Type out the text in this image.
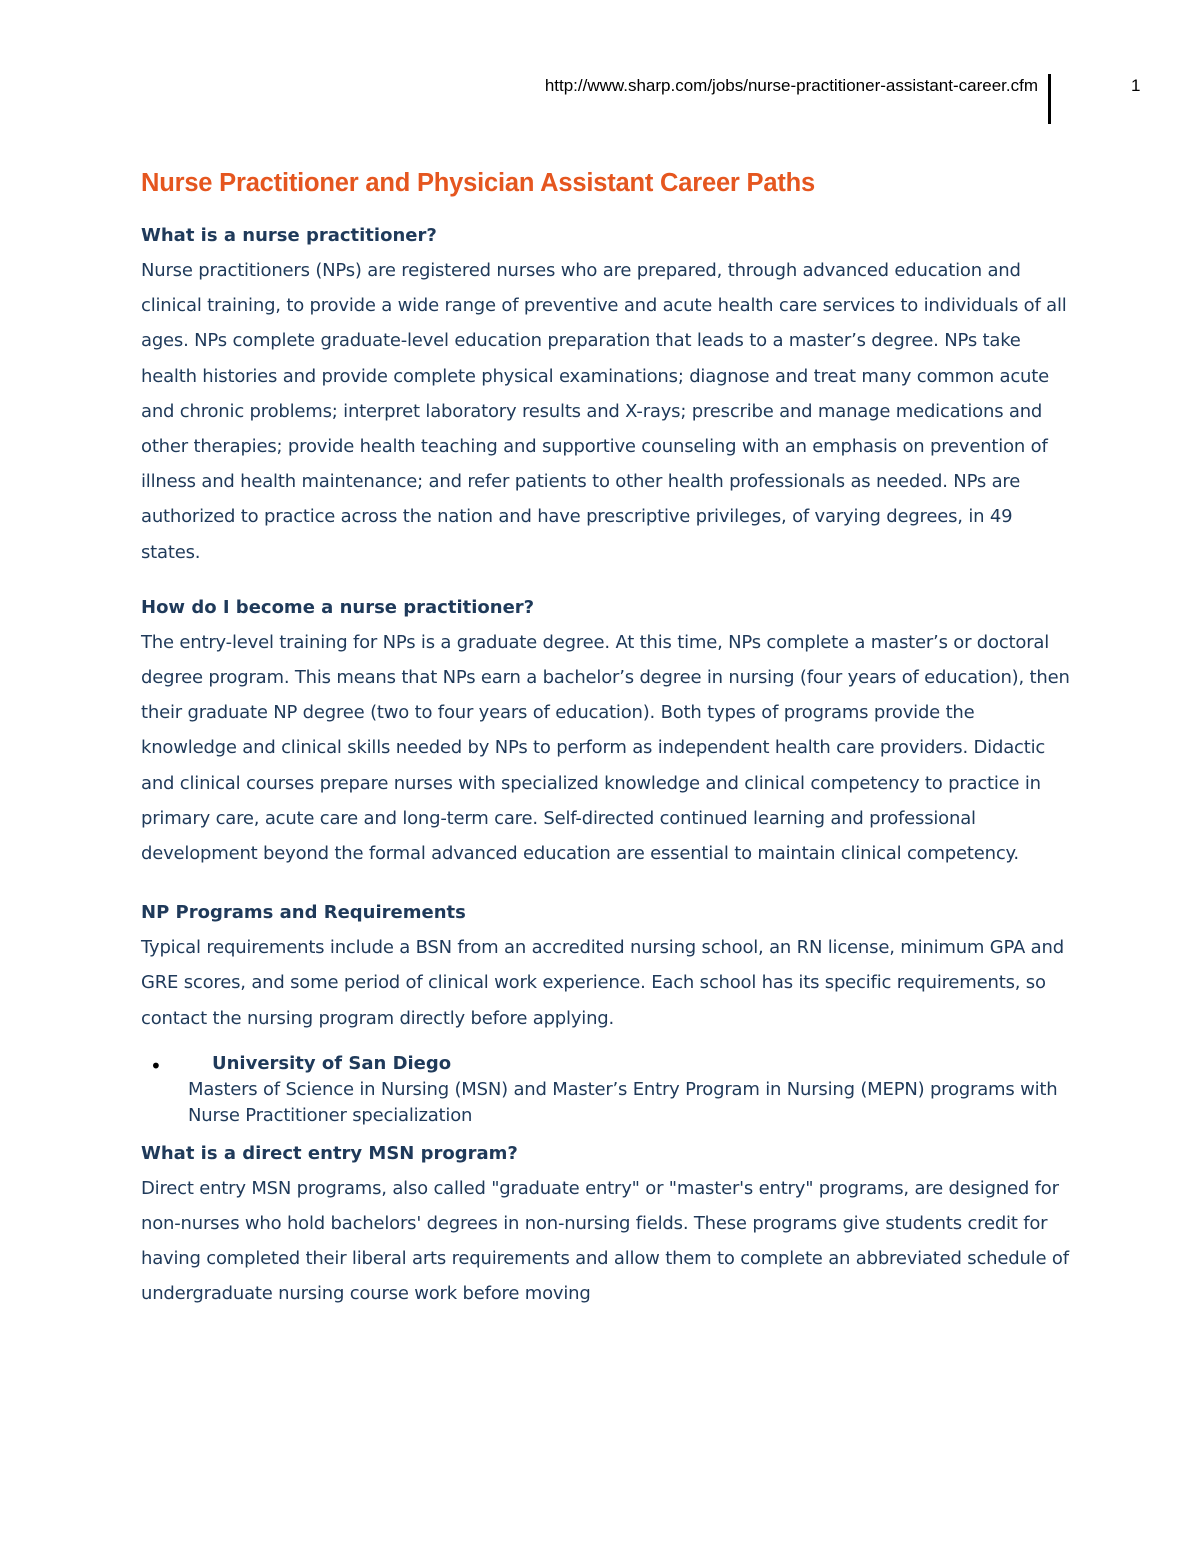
http://www.sharp.com/jobs/nurse-practitioner-assistant-career.cfm	1
Nurse Practitioner and Physician Assistant Career Paths
What is a nurse practitioner?

Nurse practitioners (NPs) are registered nurses who are prepared, through advanced education and clinical training, to provide a wide range of preventive and acute health care services to individuals of all ages. NPs complete graduate-level education preparation that leads to a master’s degree. NPs take health histories and provide complete physical examinations; diagnose and treat many common acute and chronic problems; interpret laboratory results and X-rays; prescribe and manage medications and other therapies; provide health teaching and supportive counseling with an emphasis on prevention of illness and health maintenance; and refer patients to other health professionals as needed. NPs are authorized to practice across the nation and have prescriptive privileges, of varying degrees, in 49 states.

How do I become a nurse practitioner?

The entry-level training for NPs is a graduate degree. At this time, NPs complete a master’s or doctoral degree program. This means that NPs earn a bachelor’s degree in nursing (four years of education), then their graduate NP degree (two to four years of education). Both types of programs provide the knowledge and clinical skills needed by NPs to perform as independent health care providers. Didactic and clinical courses prepare nurses with specialized knowledge and clinical competency to practice in primary care, acute care and long-term care. Self-directed continued learning and professional development beyond the formal advanced education are essential to maintain clinical competency.

NP Programs and Requirements

Typical requirements include a BSN from an accredited nursing school, an RN license, minimum GPA and GRE scores, and some period of clinical work experience. Each school has its specific requirements, so contact the nursing program directly before applying.

•	University of San Diego
Masters of Science in Nursing (MSN) and Master’s Entry Program in Nursing (MEPN) programs with Nurse Practitioner specialization
What is a direct entry MSN program?

Direct entry MSN programs, also called "graduate entry" or "master's entry" programs, are designed for non-nurses who hold bachelors' degrees in non-nursing fields. These programs give students credit for having completed their liberal arts requirements and allow them to complete an abbreviated schedule of undergraduate nursing course work before moving
